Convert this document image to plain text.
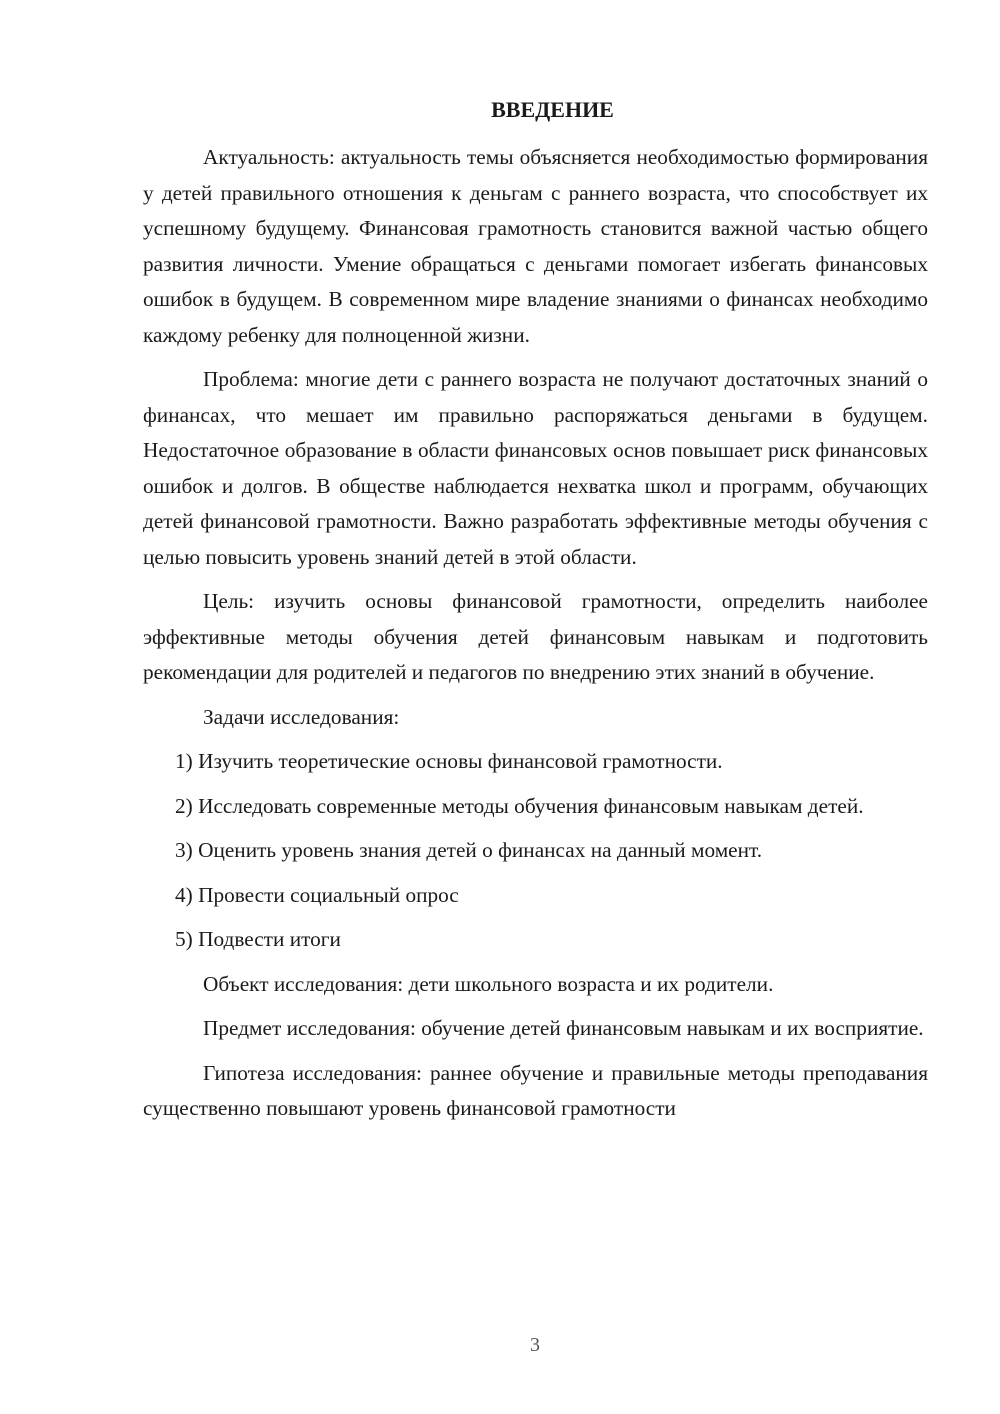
ВВЕДЕНИЕ

Актуальность: актуальность темы объясняется необходимостью формирования у детей правильного отношения к деньгам с раннего возраста, что способствует их успешному будущему. Финансовая грамотность становится важной частью общего развития личности. Умение обращаться с деньгами помогает избегать финансовых ошибок в будущем. В современном мире владение знаниями о финансах необходимо каждому ребенку для полноценной жизни.

Проблема: многие дети с раннего возраста не получают достаточных знаний о финансах, что мешает им правильно распоряжаться деньгами в будущем. Недостаточное образование в области финансовых основ повышает риск финансовых ошибок и долгов. В обществе наблюдается нехватка школ и программ, обучающих детей финансовой грамотности. Важно разработать эффективные методы обучения с целью повысить уровень знаний детей в этой области.

Цель: изучить основы финансовой грамотности, определить наиболее эффективные методы обучения детей финансовым навыкам и подготовить рекомендации для родителей и педагогов по внедрению этих знаний в обучение.

Задачи исследования:

1) Изучить теоретические основы финансовой грамотности.

2) Исследовать современные методы обучения финансовым навыкам детей.

3) Оценить уровень знания детей о финансах на данный момент.

4) Провести социальный опрос

5) Подвести итоги

Объект исследования: дети школьного возраста и их родители.

Предмет исследования: обучение детей финансовым навыкам и их восприятие.

Гипотеза исследования: раннее обучение и правильные методы преподавания существенно повышают уровень финансовой грамотности

3
